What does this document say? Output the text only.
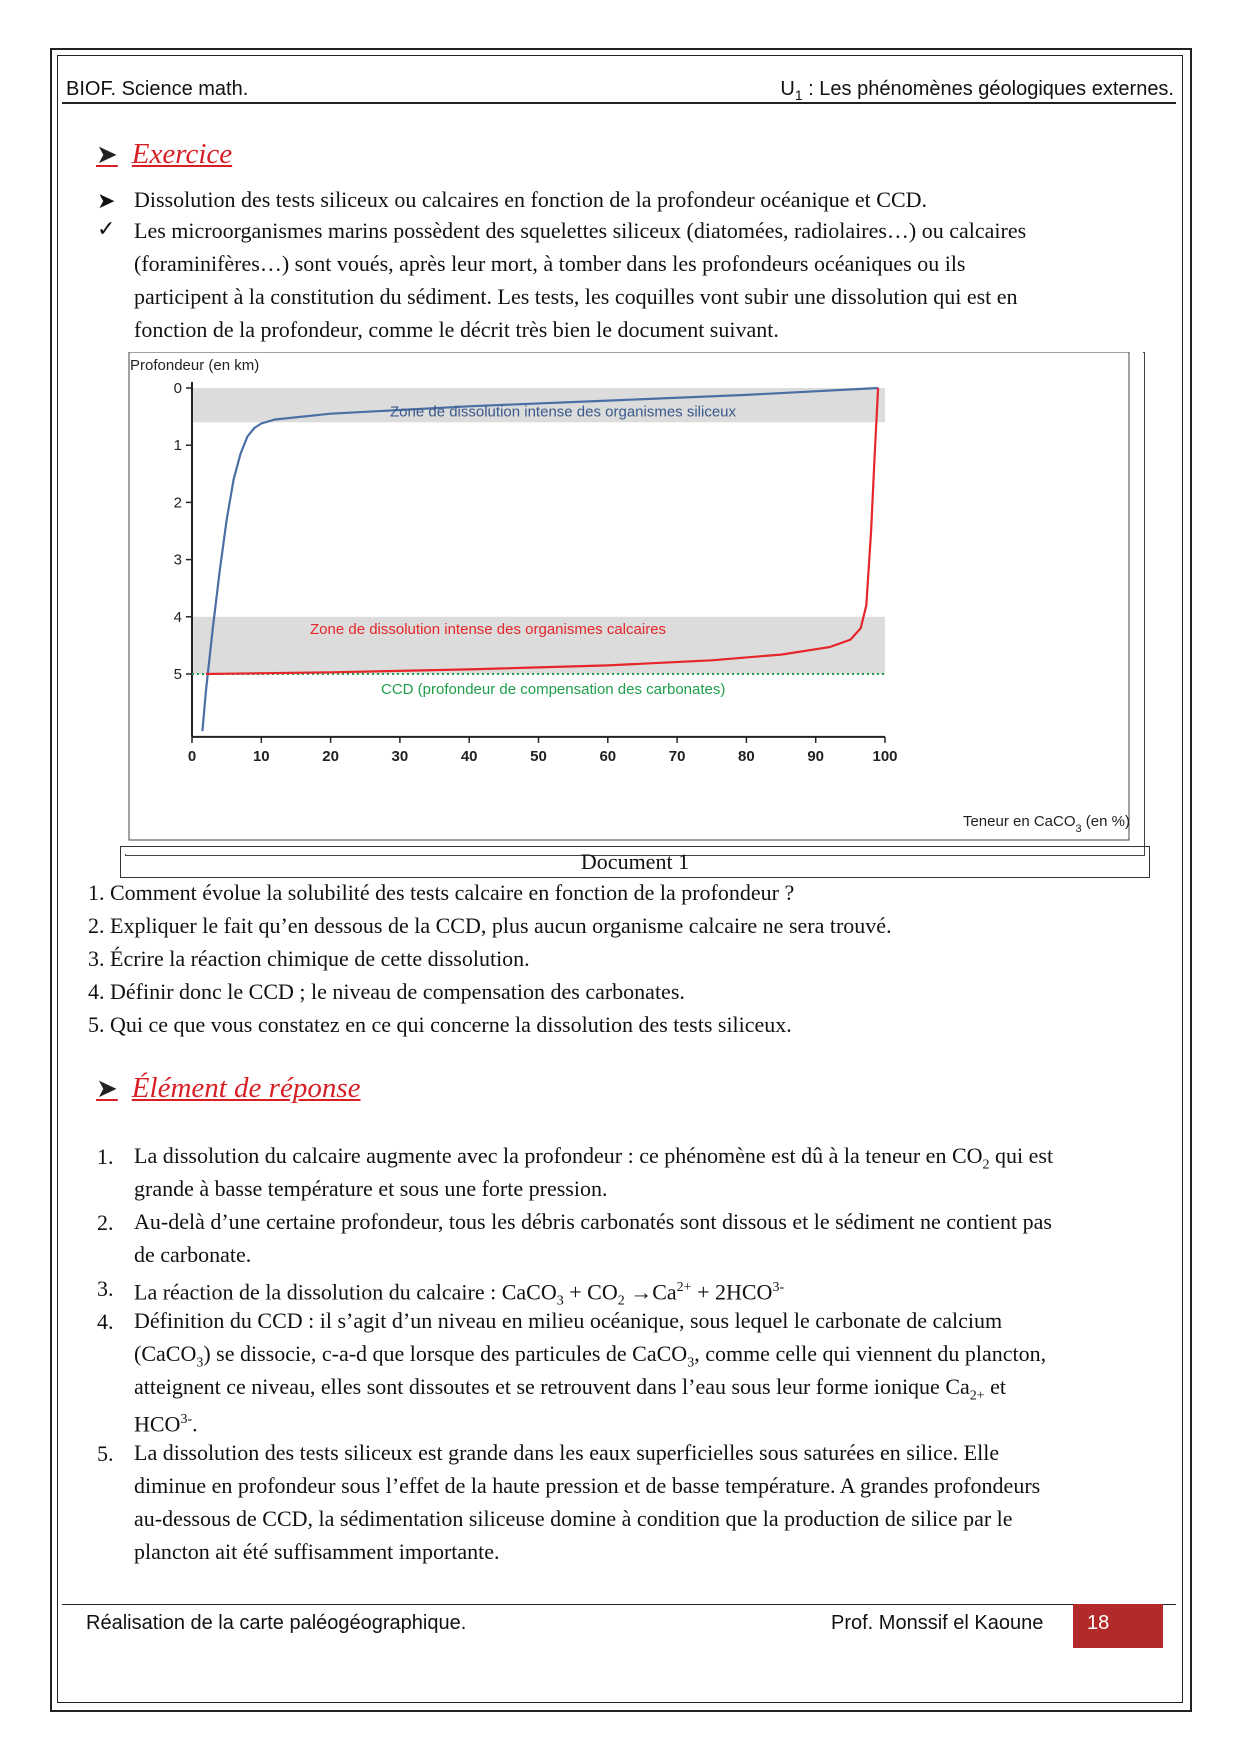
BIOF. Science math.	$U_1$ : Les phénomènes géologiques externes.
➤ Exercice
➤ Dissolution des tests siliceux ou calcaires en fonction de la profondeur océanique et CCD.
✓ Les microorganismes marins possèdent des squelettes siliceux (diatomées, radiolaires…) ou calcaires
(foraminifères…) sont voués, après leur mort, à tomber dans les profondeurs océaniques ou ils
participent à la constitution du sédiment. Les tests, les coquilles vont subir une dissolution qui est en
fonction de la profondeur, comme le décrit très bien le document suivant.
0
1
2
3
4
5
0	10	20	30	40	50	60	70	80	90	100
Zone de dissolution intense des organismes siliceux
Zone de dissolution intense des organismes calcaires
CCD (profondeur de compensation des carbonates)
Profondeur (en km)
Teneur en CaCO$_3$ (en %)
Document 1
1. Comment évolue la solubilité des tests calcaire en fonction de la profondeur ?
2. Expliquer le fait qu’en dessous de la CCD, plus aucun organisme calcaire ne sera trouvé.
3. Écrire la réaction chimique de cette dissolution.
4. Définir donc le CCD ; le niveau de compensation des carbonates.
5. Qui ce que vous constatez en ce qui concerne la dissolution des tests siliceux.
➤ Élément de réponse
1. La dissolution du calcaire augmente avec la profondeur : ce phénomène est dû à la teneur en $CO_2$ qui est
grande à basse température et sous une forte pression.
2. Au-delà d’une certaine profondeur, tous les débris carbonatés sont dissous et le sédiment ne contient pas
de carbonate.
3. La réaction de la dissolution du calcaire : CaCO$_3$ + $CO_2 \to Ca^{2+} + 2HCO^{3-}$
4. Définition du CCD : il s’agit d’un niveau en milieu océanique, sous lequel le carbonate de calcium
(CaCO$_3$) se dissocie, c-a-d que lorsque des particules de CaCO$_3$, comme celle qui viennent du plancton,
atteignent ce niveau, elles sont dissoutes et se retrouvent dans l’eau sous leur forme ionique $Ca_{2+}$ et
$HCO^{3-}$.
5. La dissolution des tests siliceux est grande dans les eaux superficielles sous saturées en silice. Elle
diminue en profondeur sous l’effet de la haute pression et de basse température. A grandes profondeurs
au-dessous de CCD, la sédimentation siliceuse domine à condition que la production de silice par le
plancton ait été suffisamment importante.
Réalisation de la carte paléogéographique.	Prof. Monssif el Kaoune	18
